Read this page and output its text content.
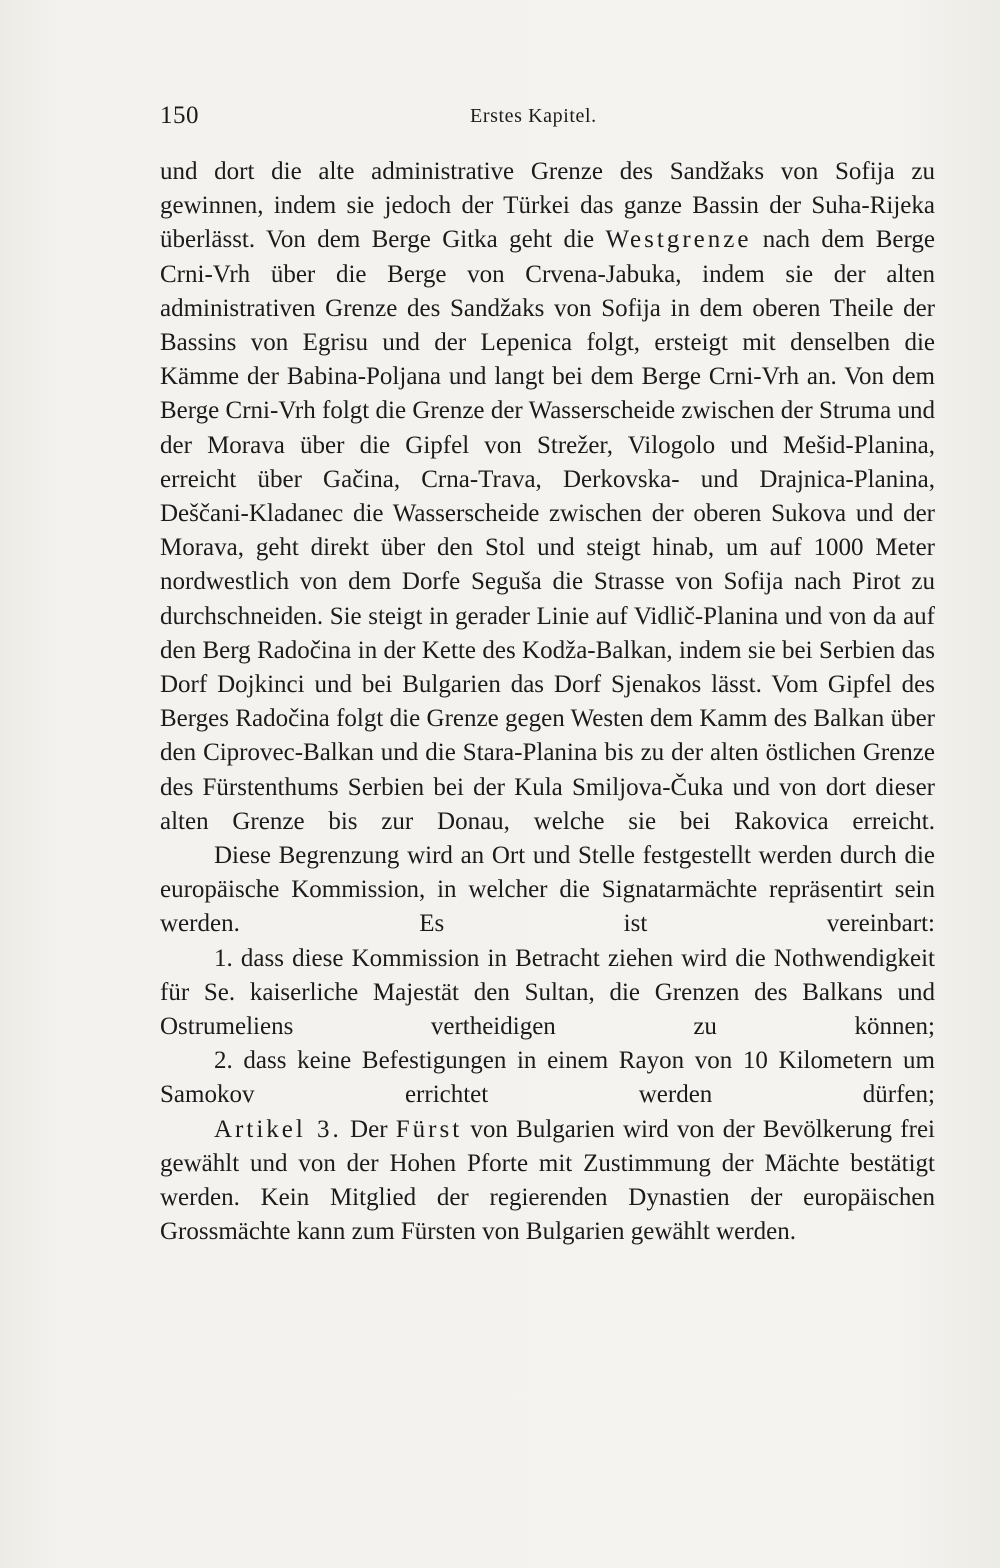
150	Erstes Kapitel.

und dort die alte administrative Grenze des Sandžaks von Sofija zu gewinnen, indem sie jedoch der Türkei das ganze Bassin der Suha-Rijeka überlässt. Von dem Berge Gitka geht die Westgrenze nach dem Berge Crni-Vrh über die Berge von Crvena-Jabuka, indem sie der alten administrativen Grenze des Sandžaks von Sofija in dem oberen Theile der Bassins von Egrisu und der Lepenica folgt, ersteigt mit denselben die Kämme der Babina-Poljana und langt bei dem Berge Crni-Vrh an. Von dem Berge Crni-Vrh folgt die Grenze der Wasserscheide zwischen der Struma und der Morava über die Gipfel von Strežer, Vilogolo und Mešid-Planina, erreicht über Gačina, Crna-Trava, Derkovska- und Drajnica-Planina, Deščani-Kladanec die Wasserscheide zwischen der oberen Sukova und der Morava, geht direkt über den Stol und steigt hinab, um auf 1000 Meter nordwestlich von dem Dorfe Seguša die Strasse von Sofija nach Pirot zu durchschneiden. Sie steigt in gerader Linie auf Vidlič-Planina und von da auf den Berg Radočina in der Kette des Kodža-Balkan, indem sie bei Serbien das Dorf Dojkinci und bei Bulgarien das Dorf Sjenakos lässt. Vom Gipfel des Berges Radočina folgt die Grenze gegen Westen dem Kamm des Balkan über den Ciprovec-Balkan und die Stara-Planina bis zu der alten östlichen Grenze des Fürstenthums Serbien bei der Kula Smiljova-Čuka und von dort dieser alten Grenze bis zur Donau, welche sie bei Rakovica erreicht.

Diese Begrenzung wird an Ort und Stelle festgestellt werden durch die europäische Kommission, in welcher die Signatarmächte repräsentirt sein werden. Es ist vereinbart:

1. dass diese Kommission in Betracht ziehen wird die Nothwendigkeit für Se. kaiserliche Majestät den Sultan, die Grenzen des Balkans und Ostrumeliens vertheidigen zu können;

2. dass keine Befestigungen in einem Rayon von 10 Kilometern um Samokov errichtet werden dürfen;

Artikel 3. Der Fürst von Bulgarien wird von der Bevölkerung frei gewählt und von der Hohen Pforte mit Zustimmung der Mächte bestätigt werden. Kein Mitglied der regierenden Dynastien der europäischen Grossmächte kann zum Fürsten von Bulgarien gewählt werden.
